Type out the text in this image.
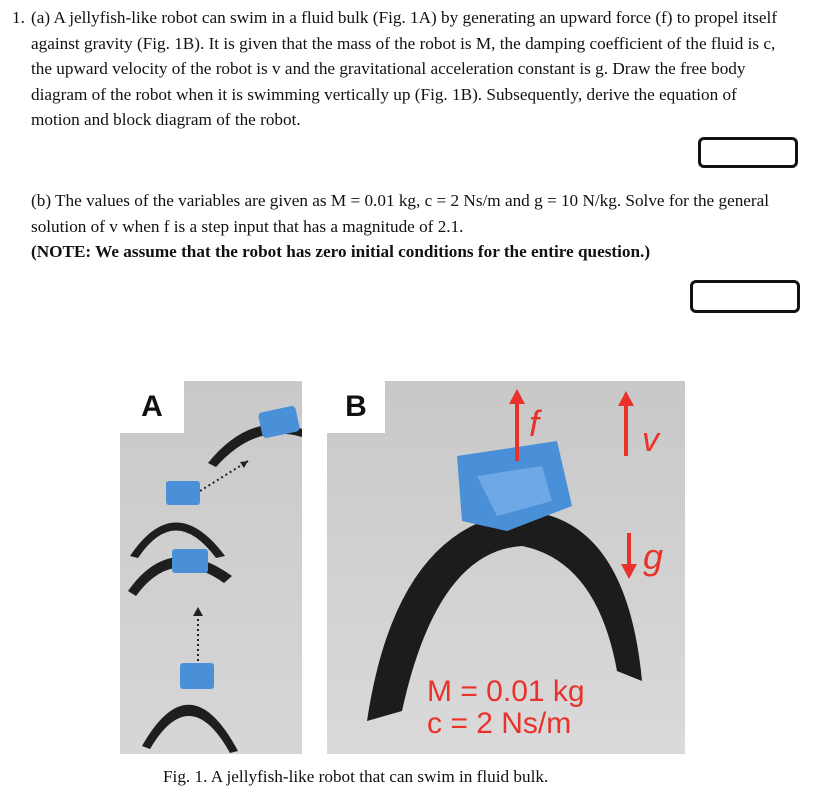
1. (a) A jellyfish-like robot can swim in a fluid bulk (Fig. 1A) by generating an upward force (f) to propel itself against gravity (Fig. 1B). It is given that the mass of the robot is M, the damping coefficient of the fluid is c, the upward velocity of the robot is v and the gravitational acceleration constant is g. Draw the free body diagram of the robot when it is swimming vertically up (Fig. 1B). Subsequently, derive the equation of motion and block diagram of the robot.
(b) The values of the variables are given as M = 0.01 kg, c = 2 Ns/m and g = 10 N/kg. Solve for the general solution of v when f is a step input that has a magnitude of 2.1.
(NOTE: We assume that the robot has zero initial conditions for the entire question.)
A	f	v
g
M = 0.01 kg
c = 2 Ns/m
B
Fig. 1. A jellyfish-like robot that can swim in fluid bulk.
